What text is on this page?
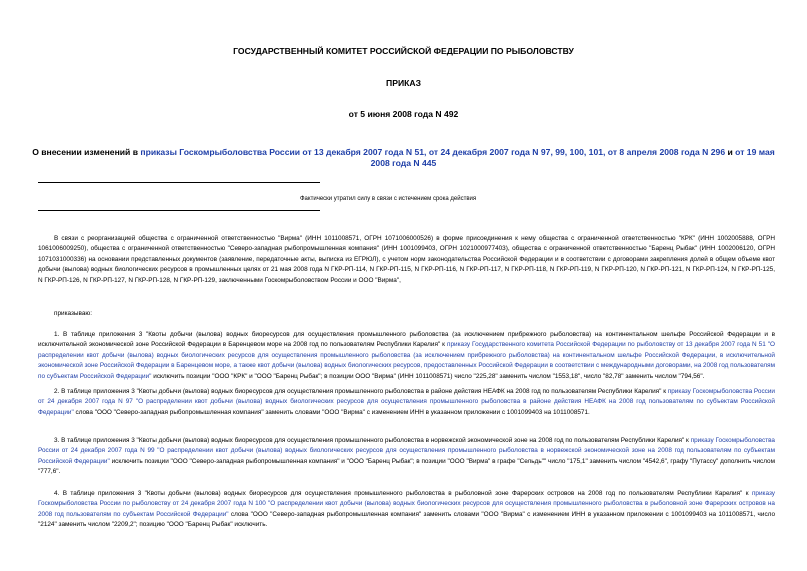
ГОСУДАРСТВЕННЫЙ КОМИТЕТ РОССИЙСКОЙ ФЕДЕРАЦИИ ПО РЫБОЛОВСТВУ
ПРИКАЗ
от 5 июня 2008 года N 492
О внесении изменений в приказы Госкомрыболовства России от 13 декабря 2007 года N 51, от 24 декабря 2007 года N 97, 99, 100, 101, от 8 апреля 2008 года N 296 и от 19 мая 2008 года N 445
Фактически утратил силу в связи с истечением срока действия
В связи с реорганизацией общества с ограниченной ответственностью "Вирма" (ИНН 1011008571, ОГРН 1071006000526) в форме присоединения к нему общества с ограниченной ответственностью "КРК" (ИНН 1002005888, ОГРН 1061006009250), общества с ограниченной ответственностью "Северо-западная рыбопромышленная компания" (ИНН 1001099403, ОГРН 1021000977403), общества с ограниченной ответственностью "Баренц Рыбак" (ИНН 1002006120, ОГРН 1071031000336) на основании представленных документов (заявление, передаточные акты, выписка из ЕГРЮЛ), с учетом норм законодательства Российской Федерации и в соответствии с договорами закрепления долей в общем объеме квот добычи (вылова) водных биологических ресурсов в промышленных целях от 21 мая 2008 года N ГКР-РП-114, N ГКР-РП-115, N ГКР-РП-116, N ГКР-РП-117, N ГКР-РП-118, N ГКР-РП-119, N ГКР-РП-120, N ГКР-РП-121, N ГКР-РП-124, N ГКР-РП-125, N ГКР-РП-126, N ГКР-РП-127, N ГКР-РП-128, N ГКР-РП-129, заключенными Госкомрыболовством России и ООО "Вирма",
приказываю:
1. В таблице приложения 3 "Квоты добычи (вылова) водных биоресурсов для осуществления промышленного рыболовства (за исключением прибрежного рыболовства) на континентальном шельфе Российской Федерации и в исключительной экономической зоне Российской Федерации в Баренцевом море на 2008 год по пользователям Республики Карелия" к приказу Государственного комитета Российской Федерации по рыболовству от 13 декабря 2007 года N 51 "О распределении квот добычи (вылова) водных биологических ресурсов для осуществления промышленного рыболовства (за исключением прибрежного рыболовства) на континентальном шельфе Российской Федерации, в исключительной экономической зоне Российской Федерации в Баренцевом море, а также квот добычи (вылова) водных биологических ресурсов, предоставленных Российской Федерации в соответствии с международными договорами, на 2008 год пользователям по субъектам Российской Федерации" исключить позиции "ООО "КРК" и "ООО "Баренц Рыбак"; в позиции ООО "Вирма" (ИНН 1011008571) число "225,28" заменить числом "1553,18", число "82,78" заменить числом "794,56".
2. В таблице приложения 3 "Квоты добычи (вылова) водных биоресурсов для осуществления промышленного рыболовства в районе действия НЕАФК на 2008 год по пользователям Республики Карелия" к приказу Госкомрыболовства России от 24 декабря 2007 года N 97 "О распределении квот добычи (вылова) водных биологических ресурсов для осуществления промышленного рыболовства в районе действия НЕАФК на 2008 год пользователям по субъектам Российской Федерации" слова "ООО "Северо-западная рыбопромышленная компания" заменить словами "ООО "Вирма" с изменением ИНН в указанном приложении с 1001099403 на 1011008571.
3. В таблице приложения 3 "Квоты добычи (вылова) водных биоресурсов для осуществления промышленного рыболовства в норвежской экономической зоне на 2008 год по пользователям Республики Карелия" к приказу Госкомрыболовства России от 24 декабря 2007 года N 99 "О распределении квот добычи (вылова) водных биологических ресурсов для осуществления промышленного рыболовства в норвежской экономической зоне на 2008 год пользователям по субъектам Российской Федерации" исключить позиции "ООО "Северо-западная рыбопромышленная компания" и "ООО "Баренц Рыбак"; в позиции "ООО "Вирма" в графе "Сельдь"" число "175,1" заменить числом "4542,6", графу "Путассу" дополнить числом "777,6".
4. В таблице приложения 3 "Квоты добычи (вылова) водных биоресурсов для осуществления промышленного рыболовства в рыболовной зоне Фарерских островов на 2008 год по пользователям Республики Карелия" к приказу Госкомрыболовства России по рыболовству от 24 декабря 2007 года N 100 "О распределении квот добычи (вылова) водных биологических ресурсов для осуществления промышленного рыболовства в рыболовной зоне Фарерских островов на 2008 год пользователям по субъектам Российской Федерации" слова "ООО "Северо-западная рыбопромышленная компания" заменить словами "ООО "Вирма" с изменением ИНН в указанном приложении с 1001099403 на 1011008571, число "2124" заменить числом "2209,2"; позицию "ООО "Баренц Рыбак" исключить.
